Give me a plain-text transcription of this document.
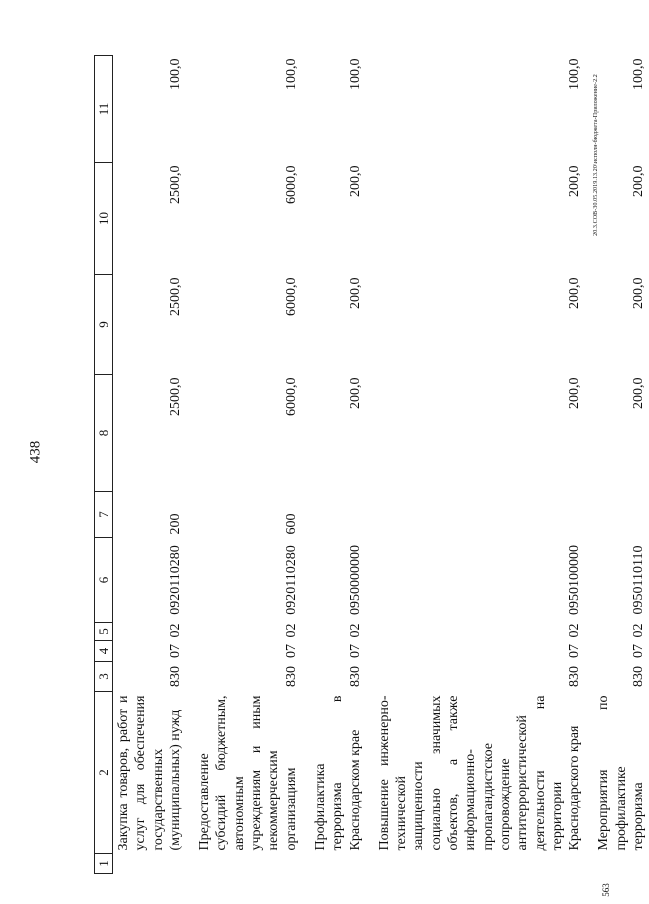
438
20.3.СОВ-30.05.2019.13.20\исполн-бюджета-Приложение-2.2
563
1	2	3	4	5	6	7	8	9	10	11
	Закупка товаров, работ и услуг для обеспечения государственных (муниципальных) нужд	830	07	02	0920110280	200	2500,0	2500,0	2500,0	100,0
	Предоставление субсидий бюджетным, автономным учреждениям и иным некоммерческим организациям	830	07	02	0920110280	600	6000,0	6000,0	6000,0	100,0
	Профилактика терроризма в Краснодарском крае	830	07	02	0950000000		200,0	200,0	200,0	100,0
	Повышение инженерно-технической защищенности социально значимых объектов, а также информационно-пропагандистское сопровождение антитеррористической деятельности на территории Краснодарского края	830	07	02	0950100000		200,0	200,0	200,0	100,0
	Мероприятия по профилактике терроризма	830	07	02	0950110110		200,0	200,0	200,0	100,0
